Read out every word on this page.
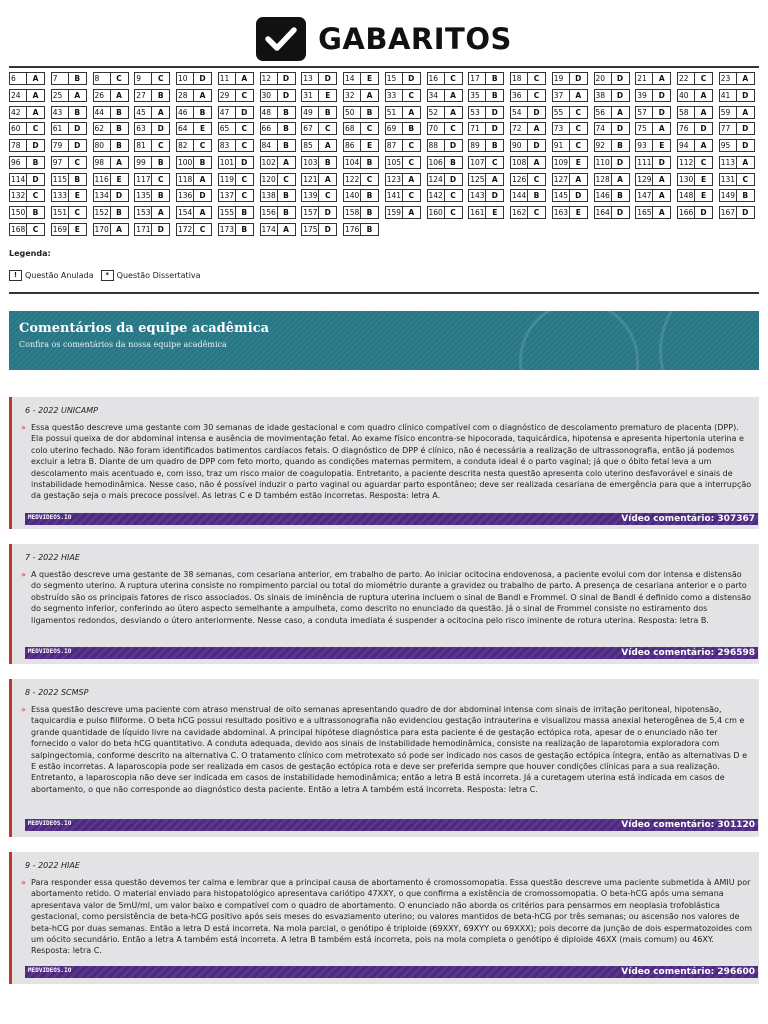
GABARITOS
6	A	7	B	8	C	9	C	10	D	11	A	12	D	13	D	14	E	15	D	16	C	17	B	18	C	19	D	20	D	21	A	22	C	23	A
24	A	25	A	26	A	27	B	28	A	29	C	30	D	31	E	32	A	33	C	34	A	35	B	36	C	37	A	38	D	39	D	40	A	41	D
42	A	43	B	44	B	45	A	46	B	47	D	48	B	49	B	50	B	51	A	52	A	53	D	54	D	55	C	56	A	57	D	58	A	59	A
60	C	61	D	62	B	63	D	64	E	65	C	66	B	67	C	68	C	69	B	70	C	71	D	72	A	73	C	74	D	75	A	76	D	77	D
78	D	79	D	80	B	81	C	82	C	83	C	84	B	85	A	86	E	87	C	88	D	89	B	90	D	91	C	92	B	93	E	94	A	95	D
96	B	97	C	98	A	99	B	100 B	101 D	102 A	103 B	104 B	105 C	106 B	107 C	108 A	109	E	110 D	111 D	112 C	113 A
114 D	115 B	116	E	117 C	118 A	119 C	120 C	121 A	122 C	123 A	124 D	125 A	126 C	127 A	128 A	129 A	130	E	131 C
132 C	133	E	134 D	135 B	136 D	137 C	138 B	139 C	140 B	141 C	142 C	143 D	144 B	145 D	146 B	147 A	148	E	149 B
150 B	151 C	152 B	153 A	154 A	155 B	156 B	157 D	158 B	159 A	160 C	161	E	162 C	163	E	164 D	165 A	166 D	167 D
168 C	169	E	170 A	171 D	172 C	173 B	174 A	175 D	176 B
Legenda:
! Questão Anulada	* Questão Dissertativa
Comentários da equipe acadêmica
Confira os comentários da nossa equipe acadêmica
6 - 2022 UNICAMP
» Essa questão descreve uma gestante com 30 semanas de idade gestacional e com quadro clínico compatível com o diagnóstico de descolamento prematuro de placenta (DPP). Ela possui queixa de dor abdominal intensa e ausência de movimentação fetal. Ao exame físico encontra-se hipocorada, taquicárdica, hipotensa e apresenta hipertonia uterina e colo uterino fechado. Não foram identificados batimentos cardíacos fetais. O diagnóstico de DPP é clínico, não é necessária a realização de ultrassonografia, então já podemos excluir a letra B. Diante de um quadro de DPP com feto morto, quando as condições maternas permitem, a conduta ideal é o parto vaginal; já que o óbito fetal leva a um descolamento mais acentuado e, com isso, traz um risco maior de coagulopatia. Entretanto, a paciente descrita nesta questão apresenta colo uterino desfavorável e sinais de instabilidade hemodinâmica. Nesse caso, não é possível induzir o parto vaginal ou aguardar parto espontâneo; deve ser realizada cesariana de emergência para que a interrupção da gestação seja o mais precoce possível. As letras C e D também estão incorretas. Resposta: letra A.
MEDVIDEOS.IO	Vídeo comentário: 307367
7 - 2022 HIAE
» A questão descreve uma gestante de 38 semanas, com cesariana anterior, em trabalho de parto. Ao iniciar ocitocina endovenosa, a paciente evolui com dor intensa e distensão do segmento uterino. A ruptura uterina consiste no rompimento parcial ou total do miométrio durante a gravidez ou trabalho de parto. A presença de cesariana anterior e o parto obstruído são os principais fatores de risco associados. Os sinais de iminência de ruptura uterina incluem o sinal de Bandl e Frommel. O sinal de Bandl é definido como a distensão do segmento inferior, conferindo ao útero aspecto semelhante a ampulheta, como descrito no enunciado da questão. Já o sinal de Frommel consiste no estiramento dos ligamentos redondos, desviando o útero anteriormente. Nesse caso, a conduta imediata é suspender a ocitocina pelo risco iminente de rotura uterina. Resposta: letra B.
MEDVIDEOS.IO	Vídeo comentário: 296598
8 - 2022 SCMSP
» Essa questão descreve uma paciente com atraso menstrual de oito semanas apresentando quadro de dor abdominal intensa com sinais de irritação peritoneal, hipotensão, taquicardia e pulso filiforme. O beta hCG possui resultado positivo e a ultrassonografia não evidenciou gestação intrauterina e visualizou massa anexial heterogênea de 5,4 cm e grande quantidade de líquido livre na cavidade abdominal. A principal hipótese diagnóstica para esta paciente é de gestação ectópica rota, apesar de o enunciado não ter fornecido o valor do beta hCG quantitativo. A conduta adequada, devido aos sinais de instabilidade hemodinâmica, consiste na realização de laparotomia exploradora com salpingectomia, conforme descrito na alternativa C. O tratamento clínico com metrotexato só pode ser indicado nos casos de gestação ectópica íntegra, então as alternativas D e E estão incorretas. A laparoscopia pode ser realizada em casos de gestação ectópica rota e deve ser preferida sempre que houver condições clínicas para a sua realização. Entretanto, a laparoscopia não deve ser indicada em casos de instabilidade hemodinâmica; então a letra B está incorreta. Já a curetagem uterina está indicada em casos de abortamento, o que não corresponde ao diagnóstico desta paciente. Então a letra A também está incorreta. Resposta: letra C.
MEDVIDEOS.IO	Vídeo comentário: 301120
9 - 2022 HIAE
» Para responder essa questão devemos ter calma e lembrar que a principal causa de abortamento é cromossomopatia. Essa questão descreve uma paciente submetida à AMIU por abortamento retido. O material enviado para histopatológico apresentava cariótipo 47XXY, o que confirma a existência de cromossomopatia. O beta-hCG após uma semana apresentava valor de 5mU/ml, um valor baixo e compatível com o quadro de abortamento. O enunciado não aborda os critérios para pensarmos em neoplasia trofoblástica gestacional, como persistência de beta-hCG positivo após seis meses do esvaziamento uterino; ou valores mantidos de beta-hCG por três semanas; ou ascensão nos valores de beta-hCG por duas semanas. Então a letra D está incorreta. Na mola parcial, o genótipo é triploide (69XXY, 69XYY ou 69XXX); pois decorre da junção de dois espermatozoides com um oócito secundário. Então a letra A também está incorreta. A letra B também está incorreta, pois na mola completa o genótipo é diploide 46XX (mais comum) ou 46XY. Resposta: letra C.
MEDVIDEOS.IO	Vídeo comentário: 296600
